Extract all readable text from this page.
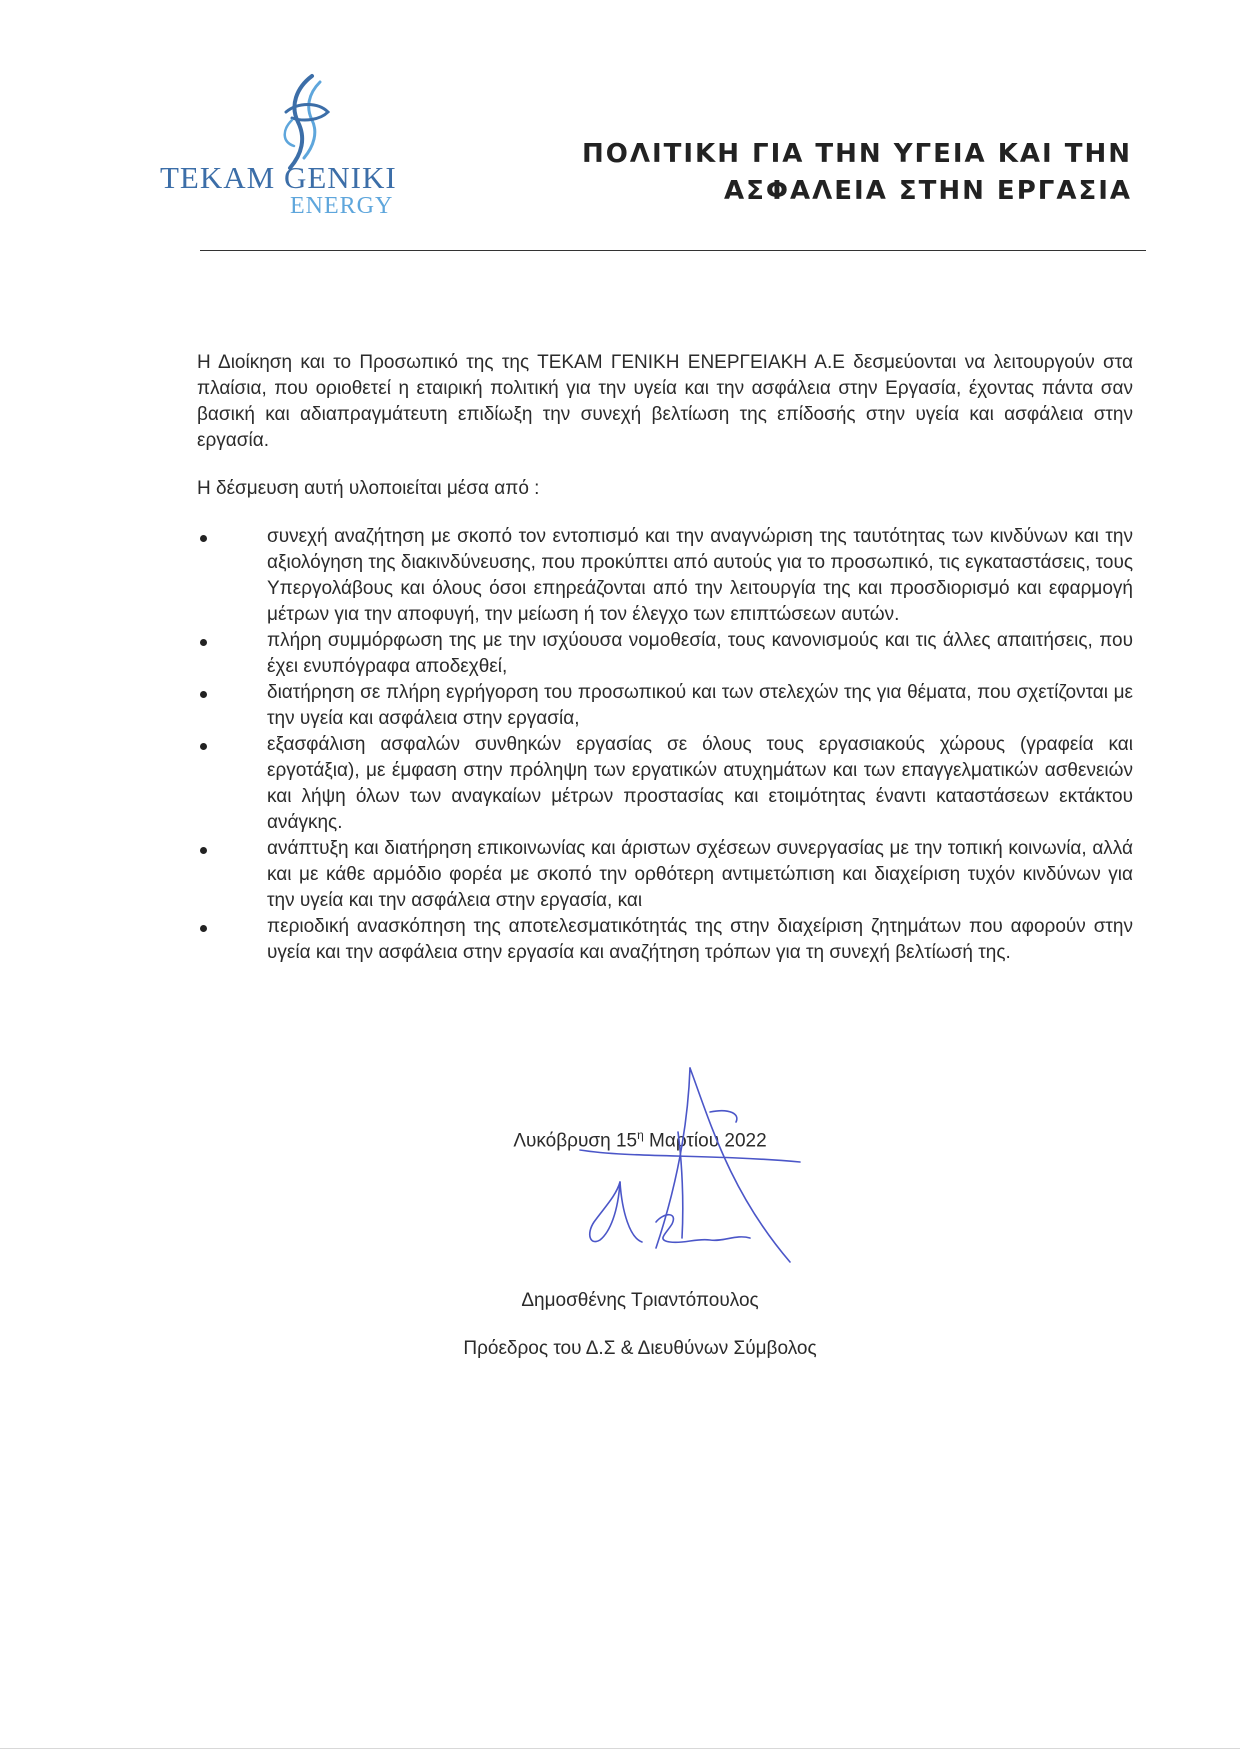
TEKAM GENIKI
ENERGY
ΠΟΛΙΤΙΚΗ ΓΙΑ ΤΗΝ ΥΓΕΙΑ ΚΑΙ ΤΗΝ
ΑΣΦΑΛΕΙΑ ΣΤΗΝ ΕΡΓΑΣΙΑ

Η Διοίκηση και το Προσωπικό της της ΤΕΚΑΜ ΓΕΝΙΚΗ ΕΝΕΡΓΕΙΑΚΗ Α.Ε δεσμεύονται να λειτουργούν στα πλαίσια, που οριοθετεί η εταιρική πολιτική για την υγεία και την ασφάλεια στην Εργασία, έχοντας πάντα σαν βασική και αδιαπραγμάτευτη επιδίωξη την συνεχή βελτίωση της επίδοσής στην υγεία και ασφάλεια στην εργασία.

Η δέσμευση αυτή υλοποιείται μέσα από :

συνεχή αναζήτηση με σκοπό τον εντοπισμό και την αναγνώριση της ταυτότητας των κινδύνων και την αξιολόγηση της διακινδύνευσης, που προκύπτει από αυτούς για το προσωπικό, τις εγκαταστάσεις, τους Υπεργολάβους και όλους όσοι επηρεάζονται από την λειτουργία της και προσδιορισμό και εφαρμογή μέτρων για την αποφυγή, την μείωση ή τον έλεγχο των επιπτώσεων αυτών.
πλήρη συμμόρφωση της με την ισχύουσα νομοθεσία, τους κανονισμούς και τις άλλες απαιτήσεις, που έχει ενυπόγραφα αποδεχθεί,
διατήρηση σε πλήρη εγρήγορση του προσωπικού και των στελεχών της για θέματα, που σχετίζονται με την υγεία και ασφάλεια στην εργασία,
εξασφάλιση ασφαλών συνθηκών εργασίας σε όλους τους εργασιακούς χώρους (γραφεία και εργοτάξια), με έμφαση στην πρόληψη των εργατικών ατυχημάτων και των επαγγελματικών ασθενειών και λήψη όλων των αναγκαίων μέτρων προστασίας και ετοιμότητας έναντι καταστάσεων εκτάκτου ανάγκης.
ανάπτυξη και διατήρηση επικοινωνίας και άριστων σχέσεων συνεργασίας με την τοπική κοινωνία, αλλά και με κάθε αρμόδιο φορέα με σκοπό την ορθότερη αντιμετώπιση και διαχείριση τυχόν κινδύνων για την υγεία και την ασφάλεια στην εργασία, και
περιοδική ανασκόπηση της αποτελεσματικότητάς της στην διαχείριση ζητημάτων που αφορούν στην υγεία και την ασφάλεια στην εργασία και αναζήτηση τρόπων για τη συνεχή βελτίωσή της.
Λυκόβρυση $15^\eta$ Μαρτίου 2022
Δημοσθένης Τριαντόπουλος
Πρόεδρος του Δ.Σ & Διευθύνων Σύμβολος
